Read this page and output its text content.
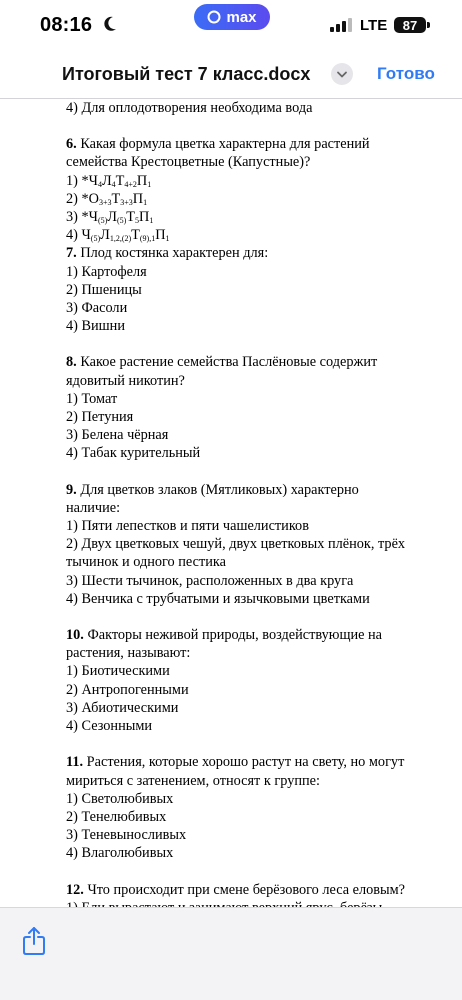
08:16	max	LTE	87
Итоговый тест 7 класс.docx	Готово
4) Для оплодотворения необходима вода
6. Какая формула цветка характерна для растений
семейства Крестоцветные (Капустные)?
1) $*Ч_4Л_4Т_{4+2}П_1$
2) $*О_{3+3}Т_{3+3}П_1$
3) $*Ч_{(5)}Л_{(5)}Т_5П_1$
4) $Ч_{(5)}Л_{1,2,(2)}Т_{(9),1}П_1$
7. Плод костянка характерен для:
1) Картофеля
2) Пшеницы
3) Фасоли
4) Вишни
8. Какое растение семейства Паслёновые содержит
ядовитый никотин?
1) Томат
2) Петуния
3) Белена чёрная
4) Табак курительный
9. Для цветков злаков (Мятликовых) характерно
наличие:
1) Пяти лепестков и пяти чашелистиков
2) Двух цветковых чешуй, двух цветковых плёнок, трёх
тычинок и одного пестика
3) Шести тычинок, расположенных в два круга
4) Венчика с трубчатыми и язычковыми цветками
10. Факторы неживой природы, воздействующие на
растения, называют:
1) Биотическими
2) Антропогенными
3) Абиотическими
4) Сезонными
11. Растения, которые хорошо растут на свету, но могут
мириться с затенением, относят к группе:
1) Светолюбивых
2) Тенелюбивых
3) Теневыносливых
4) Влаголюбивых
12. Что происходит при смене берёзового леса еловым?
